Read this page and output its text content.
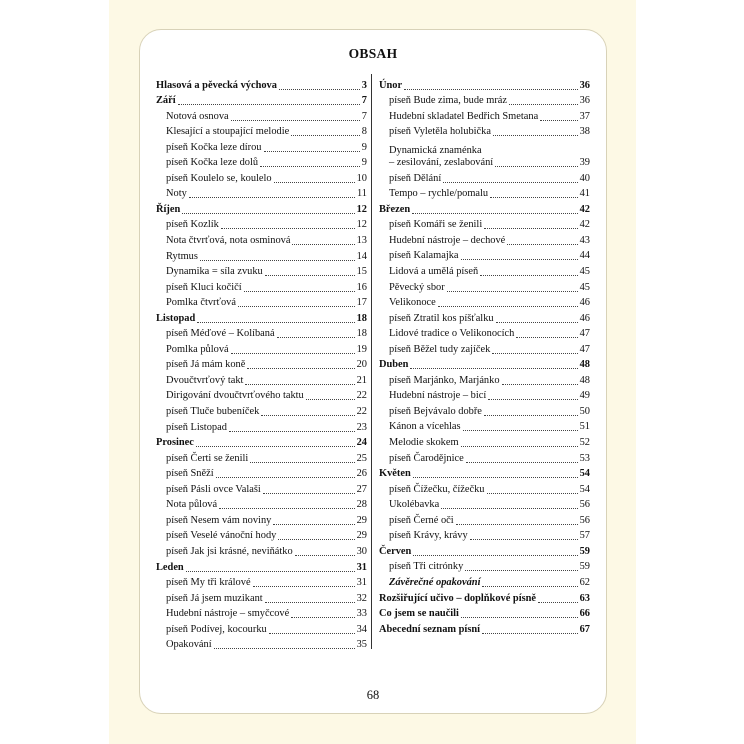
OBSAH
Hlasová a pěvecká výchova	3
Září	7
Notová osnova	7
Klesající a stoupající melodie	8
píseň Kočka leze dírou	9
píseň Kočka leze dolů	9
píseň Koulelo se, koulelo	10
Noty	11
Říjen	12
píseň Kozlík	12
Nota čtvrťová, nota osminová	13
Rytmus	14
Dynamika = síla zvuku	15
píseň Kluci kočičí	16
Pomlka čtvrťová	17
Listopad	18
píseň Méďové – Kolíbaná	18
Pomlka půlová	19
píseň Já mám koně	20
Dvoučtvrťový takt	21
Dirigování dvoučtvrťového taktu	22
píseň Tluče bubeníček	22
píseň Listopad	23
Prosinec	24
píseň Čerti se ženili	25
píseň Sněží	26
píseň Pásli ovce Valaši	27
Nota půlová	28
píseň Nesem vám noviny	29
píseň Veselé vánoční hody	29
píseň Jak jsi krásné, neviňátko	30
Leden	31
píseň My tři králové	31
píseň Já jsem muzikant	32
Hudební nástroje – smyčcové	33
píseň Podívej, kocourku	34
Opakování	35
Únor	36
píseň Bude zima, bude mráz	36
Hudební skladatel Bedřich Smetana	37
píseň Vyletěla holubička	38
Dynamická znaménka
– zesilování, zeslabování	39
píseň Dělání	40
Tempo – rychle/pomalu	41
Březen	42
píseň Komáři se ženili	42
Hudební nástroje – dechové	43
píseň Kalamajka	44
Lidová a umělá píseň	45
Pěvecký sbor	45
Velikonoce	46
píseň Ztratil kos píšťalku	46
Lidové tradice o Velikonocích	47
píseň Běžel tudy zajíček	47
Duben	48
píseň Marjánko, Marjánko	48
Hudební nástroje – bicí	49
píseň Bejvávalo dobře	50
Kánon a vícehlas	51
Melodie skokem	52
píseň Čarodějnice	53
Květen	54
píseň Čížečku, čížečku	54
Ukolébavka	56
píseň Černé oči	56
píseň Krávy, krávy	57
Červen	59
píseň Tři citrónky	59
Závěrečné opakování	62
Rozšiřující učivo – doplňkové písně	63
Co jsem se naučili	66
Abecední seznam písní	67
68
